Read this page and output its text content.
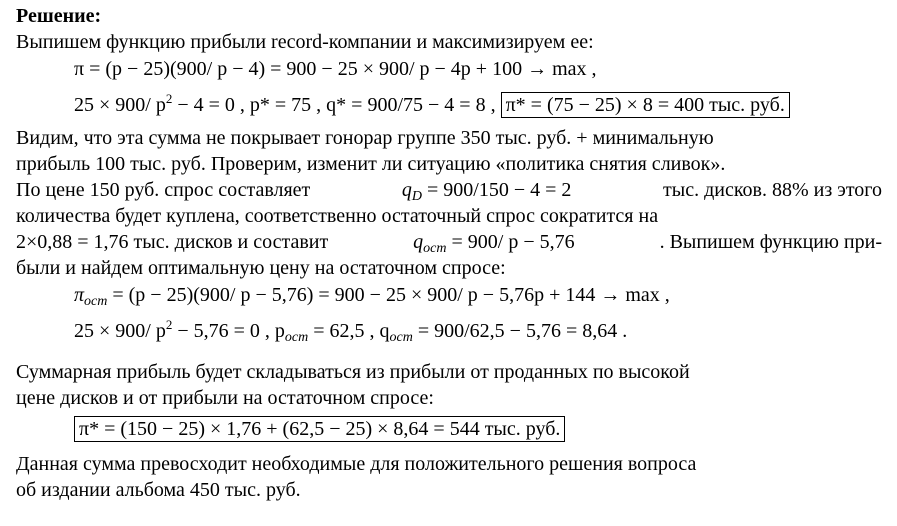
Решение:
Выпишем функцию прибыли record-компании и максимизируем ее:
π = (p − 25)(900/ p − 4) = 900 − 25 × 900/ p − 4p + 100 → max ,
25 × 900/ $p^2 - 4 = 0$ , p* = 75 , q* = 900/75 − 4 = 8 , π* = (75 − 25) × 8 = 400 тыс. руб.
Видим, что эта сумма не покрывает гонорар группе 350 тыс. руб. + минимальную
прибыль 100 тыс. руб. Проверим, изменит ли ситуацию «политика снятия сливок».
По цене 150 руб. спрос составляет	$q_D = 900/150 - 4 = 2$	тыс. дисков. 88% из этого
количества будет куплена, соответственно остаточный спрос сократится на
2×0,88 = 1,76 тыс. дисков и составит	$q_{ост} = 900/$ p − 5,76	. Выпишем функцию при-
были и найдем оптимальную цену на остаточном спросе:
$\pi_{ост} = (p - 25)(900/$ p − 5,76) = 900 − 25 × 900/ p − 5,76p + 144 → max ,
25 × 900/ $p^2 - 5,76 = 0$ , $p_{ост} = 62,5$ , $q_{ост} = 900/62,5 - 5,76 = 8,64$ .
Суммарная прибыль будет складываться из прибыли от проданных по высокой
цене дисков и от прибыли на остаточном спросе:
π* = (150 − 25) × 1,76 + (62,5 − 25) × 8,64 = 544 тыс. руб.
Данная сумма превосходит необходимые для положительного решения вопроса
об издании альбома 450 тыс. руб.
